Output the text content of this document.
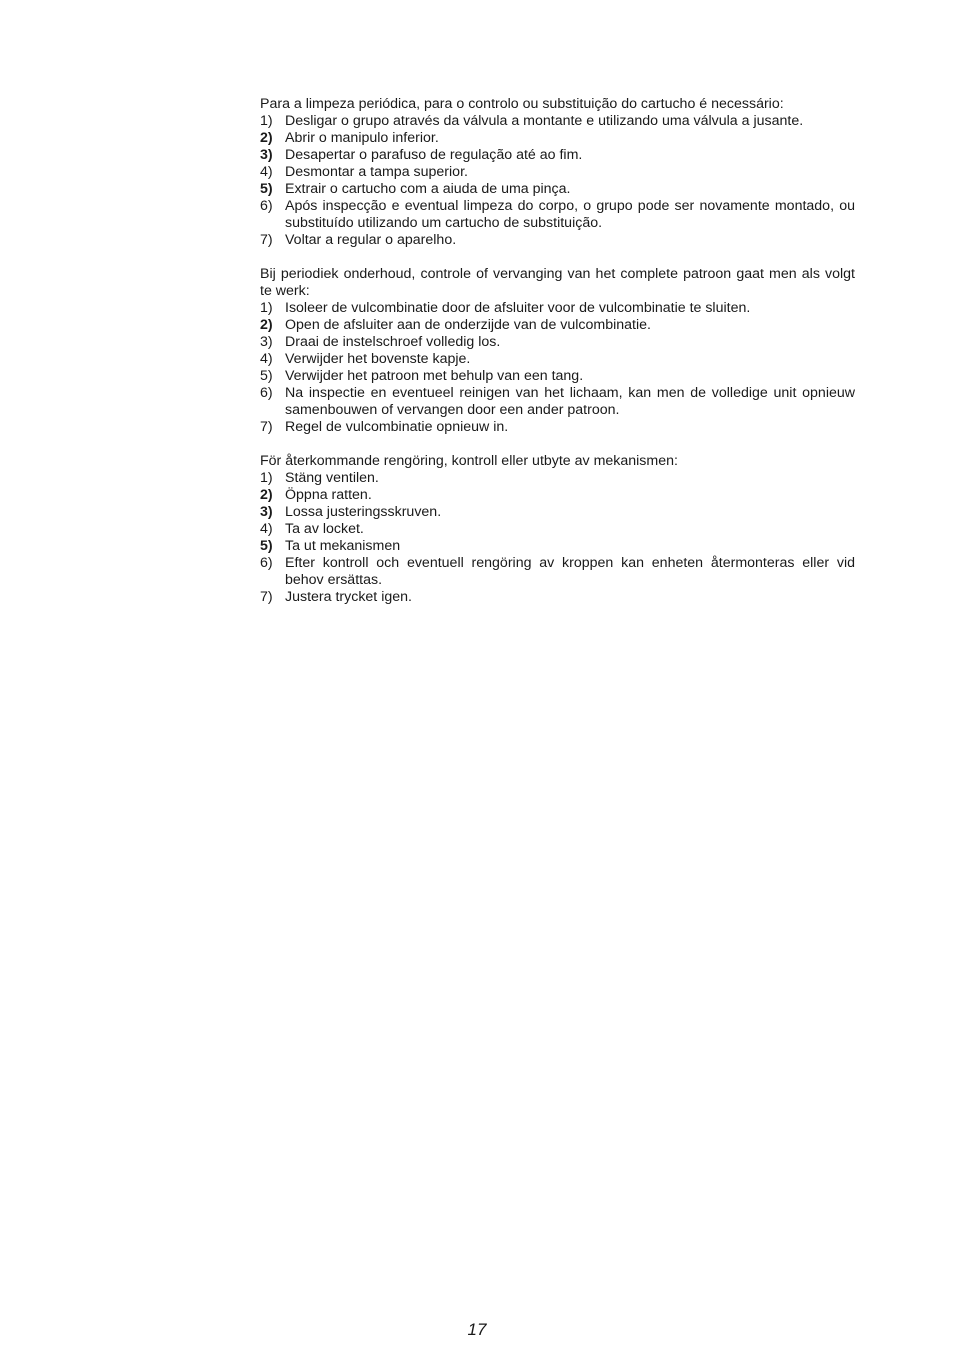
Para a limpeza periódica, para o controlo ou substituição do cartucho é necessário:

1) Desligar o grupo através da válvula a montante e utilizando uma válvula a jusante.
2) Abrir o manipulo inferior.
3) Desapertar o parafuso de regulação até ao fim.
4) Desmontar a tampa superior.
5) Extrair o cartucho com a aiuda de uma pinça.
6) Após inspecção e eventual limpeza do corpo, o grupo pode ser novamente montado, ou substituído utilizando um cartucho de substituição.
7) Voltar a regular o aparelho.

Bij periodiek onderhoud, controle of vervanging van het complete patroon gaat men als volgt te werk:

1) Isoleer de vulcombinatie door de afsluiter voor de vulcombinatie te sluiten.
2) Open de afsluiter aan de onderzijde van de vulcombinatie.
3) Draai de instelschroef volledig los.
4) Verwijder het bovenste kapje.
5) Verwijder het patroon met behulp van een tang.
6) Na inspectie en eventueel reinigen van het lichaam, kan men de volledige unit opnieuw samenbouwen of vervangen door een ander patroon.
7) Regel de vulcombinatie opnieuw in.

För återkommande rengöring, kontroll eller utbyte av mekanismen:

1) Stäng ventilen.
2) Öppna ratten.
3) Lossa justeringsskruven.
4) Ta av locket.
5) Ta ut mekanismen
6) Efter kontroll och eventuell rengöring av kroppen kan enheten återmonteras eller vid behov ersättas.
7) Justera trycket igen.
17
